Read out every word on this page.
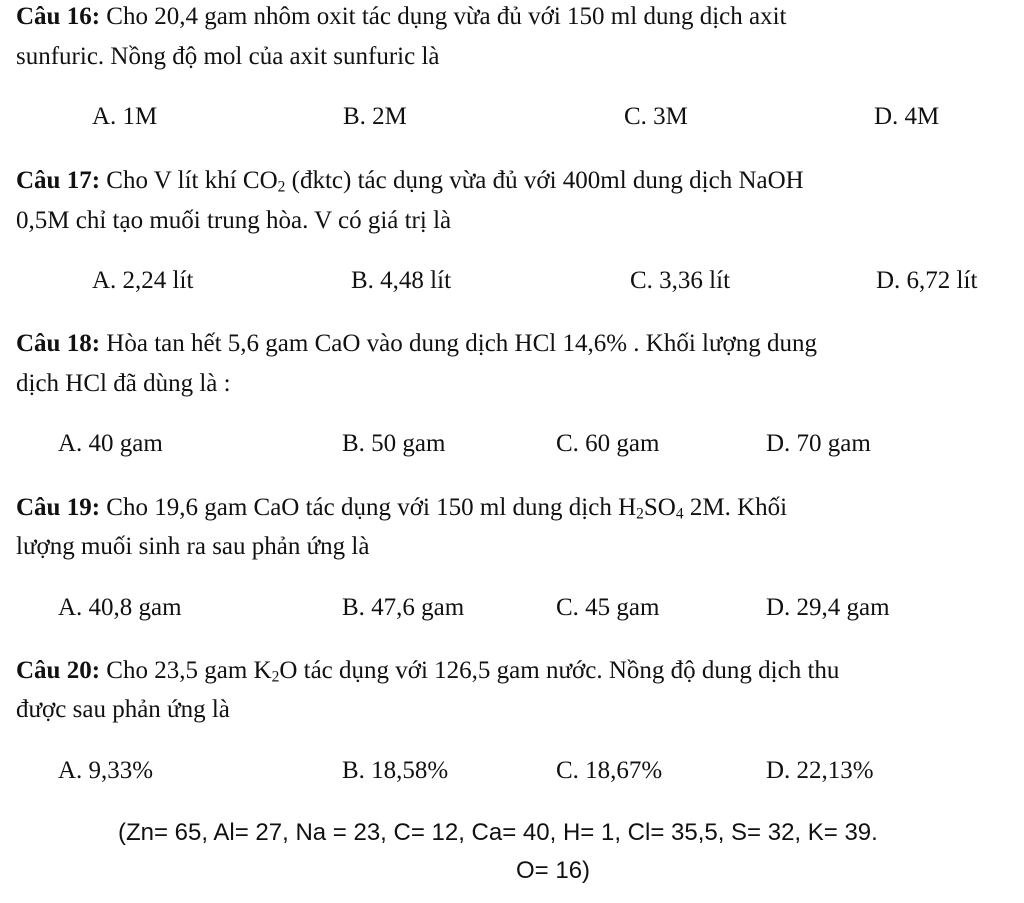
Câu 16: Cho 20,4 gam nhôm oxit tác dụng vừa đủ với 150 ml dung dịch axit
sunfuric. Nồng độ mol của axit sunfuric là
A. 1M	B. 2M	C. 3M	D. 4M
Câu 17: Cho V lít khí $CO_2$ (đktc) tác dụng vừa đủ với 400ml dung dịch NaOH
0,5M chỉ tạo muối trung hòa. V có giá trị là
A. 2,24 lít	B. 4,48 lít	C. 3,36 lít	D. 6,72 lít
Câu 18: Hòa tan hết 5,6 gam CaO vào dung dịch HCl 14,6% . Khối lượng dung
dịch HCl đã dùng là :
A. 40 gam	B. 50 gam	C. 60 gam	D. 70 gam
Câu 19: Cho 19,6 gam CaO tác dụng với 150 ml dung dịch $H_2SO_4$ 2M. Khối
lượng muối sinh ra sau phản ứng là
A. 40,8 gam	B. 47,6 gam	C. 45 gam	D. 29,4 gam
Câu 20: Cho 23,5 gam $K_2O$ tác dụng với 126,5 gam nước. Nồng độ dung dịch thu
được sau phản ứng là
A. 9,33%	B. 18,58%	C. 18,67%	D. 22,13%
(Zn= 65, Al= 27, Na = 23, C= 12, Ca= 40, H= 1, Cl= 35,5, S= 32, K= 39.
O= 16)
